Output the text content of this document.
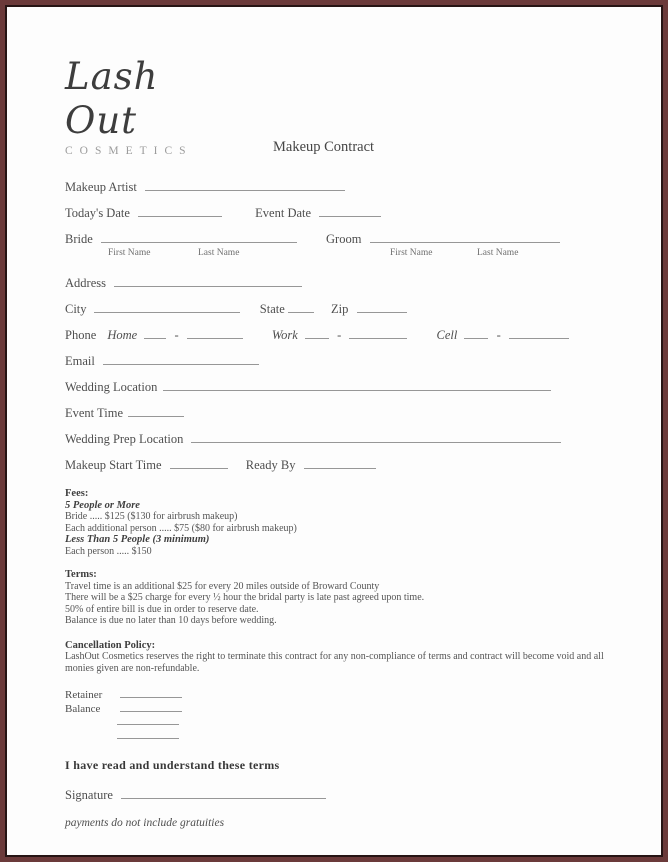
Lash Out
COSMETICS	Makeup Contract
Makeup Artist
Today's Date	Event Date
Bride	Groom
First Name	Last Name	First Name	Last Name
Address
City	State	Zip
Phone Home	-	Work	-	Cell	-
Email
Wedding Location
Event Time
Wedding Prep Location
Makeup Start Time	Ready By
Fees:
5 People or More
Bride ..... $125 ($130 for airbrush makeup)
Each additional person ..... $75 ($80 for airbrush makeup)
Less Than 5 People (3 minimum)
Each person ..... $150
Terms:
Travel time is an additional $25 for every 20 miles outside of Broward County
There will be a $25 charge for every ½ hour the bridal party is late past agreed upon time.
50% of entire bill is due in order to reserve date.
Balance is due no later than 10 days before wedding.
Cancellation Policy:
LashOut Cosmetics reserves the right to terminate this contract for any non-compliance of terms and contract will become void and all monies given are non-refundable.
Retainer
Balance
I have read and understand these terms
Signature
payments do not include gratuities
